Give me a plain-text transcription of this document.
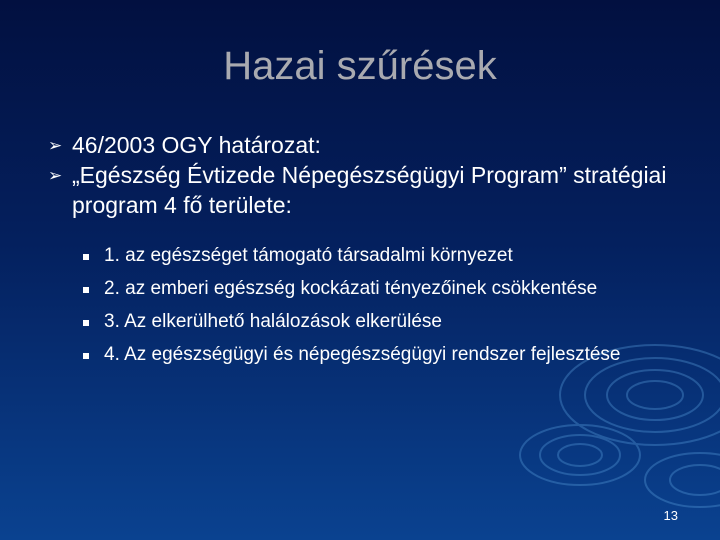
Hazai szűrések
➢ 46/2003 OGY határozat:
➢ „Egészség Évtizede Népegészségügyi Program” stratégiai program 4 fő területe:
1. az egészséget támogató társadalmi környezet
2. az emberi egészség kockázati tényezőinek csökkentése
3. Az elkerülhető halálozások elkerülése
4. Az egészségügyi és népegészségügyi rendszer fejlesztése
13
